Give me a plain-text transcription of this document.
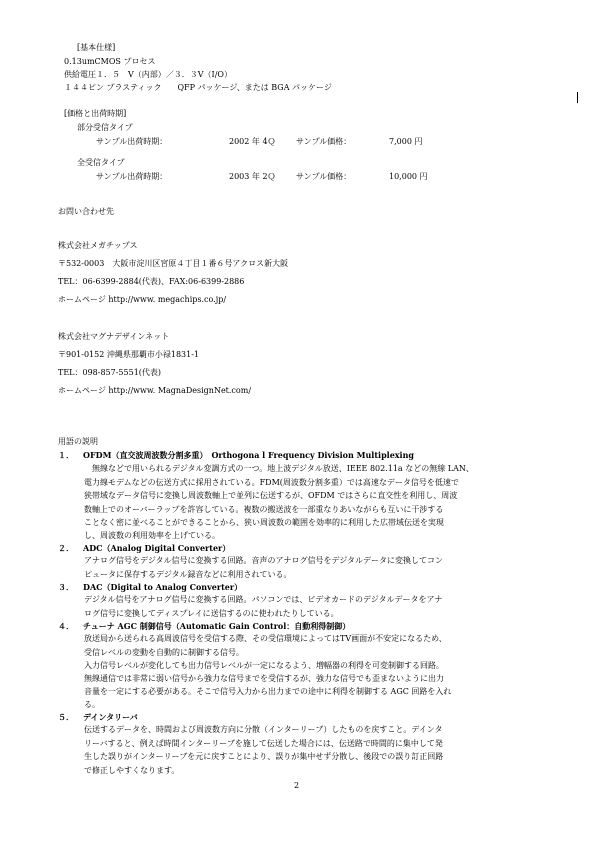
[基本仕様]
0.13umCMOS プロセス
供給電圧１．５　V（内部）／３．３V（I/O）
１４４ピン プラスティック　　QFP パッケージ、または BGA パッケージ
[価格と出荷時期]
部分受信タイプ
サンプル出荷時期：	2002 年 4Ｑ	サンプル価格：	7,000 円
全受信タイプ
サンプル出荷時期：	2003 年 2Ｑ	サンプル価格：	10,000 円
お問い合わせ先
株式会社メガチップス
〒532-0003　大阪市淀川区宮原４丁目１番６号アクロス新大阪
TEL：06-6399-2884(代表)、FAX:06-6399-2886
ホームページ http://www. megachips.co.jp/
株式会社マグナデザインネット
〒901-0152 沖縄県那覇市小禄1831-1
TEL：098-857-5551(代表)
ホームページ http://www. MagnaDesignNet.com/
用語の説明
１． OFDM（直交波周波数分割多重）　Orthogona l Frequency Division Multiplexing
　無線などで用いられるデジタル変調方式の一つ。地上波デジタル放送、IEEE 802.11a などの無線 LAN、
電力線モデムなどの伝送方式に採用されている。FDM(周波数分割多重）では高速なデータ信号を低速で
狭帯域なデータ信号に変換し周波数軸上で並列に伝送するが、OFDM ではさらに直交性を利用し、周波
数軸上でのオーバーラップを許容している。複数の搬送波を一部重なりあいながらも互いに干渉する
ことなく密に並べることができることから、狭い周波数の範囲を効率的に利用した広帯域伝送を実現
し、周波数の利用効率を上げている。
２． ADC（Analog Digital Converter）
アナログ信号をデジタル信号に変換する回路。音声のアナログ信号をデジタルデータに変換してコン
ピュータに保存するデジタル録音などに利用されている。
３． DAC（Digital to Analog Converter）
デジタル信号をアナログ信号に変換する回路。パソコンでは、ビデオカードのデジタルデータをアナ
ログ信号に変換してディスプレイに送信するのに使われたりしている。
４． チューナ AGC 制御信号（Automatic Gain Control：自動利得制御）
放送局から送られる高周波信号を受信する際、その受信環境によってはTV画面が不安定になるため、
受信レベルの変動を自動的に制御する信号。
入力信号レベルが変化しても出力信号レベルが一定になるよう、増幅器の利得を可変制御する回路。
無線通信では非常に弱い信号から強力な信号までを受信するが、強力な信号でも歪まないように出力
音量を一定にする必要がある。そこで信号入力から出力までの途中に利得を制御する AGC 回路を入れ
る。
５． デインタリーバ
伝送するデータを、時間および周波数方向に分散（インターリーブ）したものを戻すこと。デインタ
リーバすると、例えば時間インターリーブを施して伝送した場合には、伝送路で時間的に集中して発
生した誤りがインターリーブを元に戻すことにより、誤りが集中せず分散し、後段での誤り訂正回路
で修正しやすくなります。
2
